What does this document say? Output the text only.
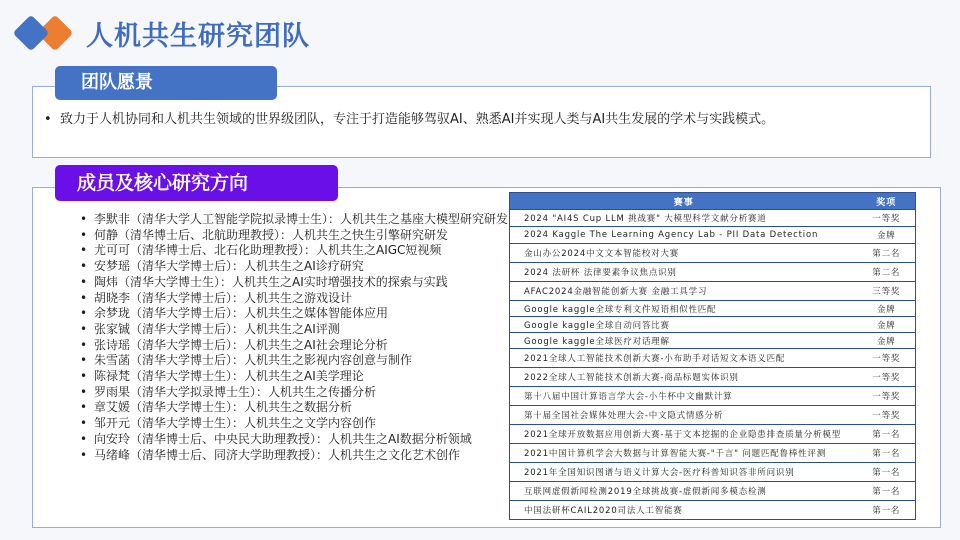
人机共生研究团队
团队愿景
• 致力于人机协同和人机共生领域的世界级团队，专注于打造能够驾驭AI、熟悉AI并实现人类与AI共生发展的学术与实践模式。
成员及核心研究方向
• 李默非（清华大学人工智能学院拟录博士生）：人机共生之基座大模型研究研发
• 何静（清华博士后、北航助理教授）：人机共生之快生引擎研究研发
• 尤可可（清华博士后、北石化助理教授）：人机共生之AIGC短视频
• 安梦瑶（清华大学博士后）：人机共生之AI诊疗研究
• 陶炜（清华大学博士生）：人机共生之AI实时增强技术的探索与实践
• 胡晓李（清华大学博士后）：人机共生之游戏设计
• 余梦珑（清华大学博士后）：人机共生之媒体智能体应用
• 张家铖（清华大学博士后）：人机共生之AI评测
• 张诗瑶（清华大学博士后）：人机共生之AI社会理论分析
• 朱雪菡（清华大学博士后）：人机共生之影视内容创意与制作
• 陈禄梵（清华大学博士生）：人机共生之AI美学理论
• 罗雨果（清华大学拟录博士生）：人机共生之传播分析
• 章艾媛（清华大学博士生）：人机共生之数据分析
• 邹开元（清华大学博士生）：人机共生之文学内容创作
• 向安玲（清华博士后、中央民大助理教授）：人机共生之AI数据分析领域
• 马绪峰（清华博士后、同济大学助理教授）：人机共生之文化艺术创作
赛事	奖项
2024 "AI4S Cup LLM 挑战赛" 大模型科学文献分析赛道	一等奖
2024 Kaggle The Learning Agency Lab - PII Data Detection	金牌
金山办公2024中文文本智能校对大赛	第二名
2024 法研杯 法律要素争议焦点识别	第二名
AFAC2024金融智能创新大赛 金融工具学习	三等奖
Google kaggle全球专利文件短语相似性匹配	金牌
Google kaggle全球自动问答比赛	金牌
Google kaggle全球医疗对话理解	金牌
2021全球人工智能技术创新大赛-小布助手对话短文本语义匹配	一等奖
2022全球人工智能技术创新大赛-商品标题实体识别	一等奖
第十八届中国计算语言学大会-小牛杯中文幽默计算	一等奖
第十届全国社会媒体处理大会-中文隐式情感分析	一等奖
2021全球开放数据应用创新大赛-基于文本挖掘的企业隐患排查质量分析模型	第一名
2021中国计算机学会大数据与计算智能大赛-"千言" 问题匹配鲁棒性评测	第一名
2021年全国知识图谱与语义计算大会-医疗科普知识答非所问识别	第一名
互联网虚假新闻检测2019全球挑战赛-虚假新闻多模态检测	第一名
中国法研杯CAIL2020司法人工智能赛	第一名
